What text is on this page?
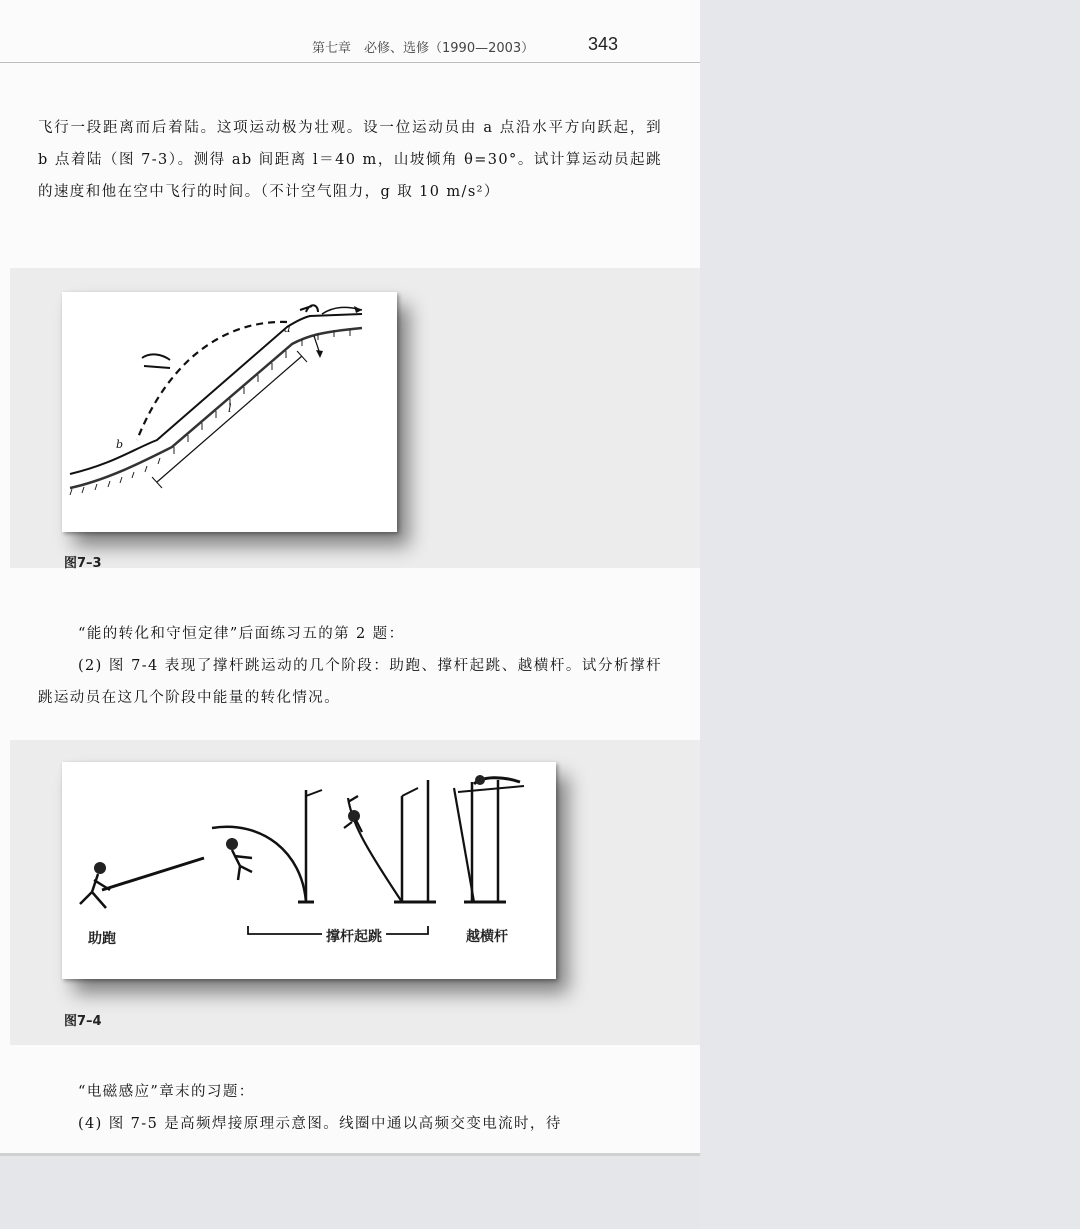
第七章　必修、选修（1990—2003）	343

飞行一段距离而后着陆。这项运动极为壮观。设一位运动员由 a 点沿水平方向跃起，到 b 点着陆（图 7-3）。测得 ab 间距离 l＝40 m，山坡倾角 θ=30°。试计算运动员起跳的速度和他在空中飞行的时间。（不计空气阻力，g 取 10 m/s²）

a
b
l
图7–3

“能的转化和守恒定律”后面练习五的第 2 题：

(2) 图 7-4 表现了撑杆跳运动的几个阶段：助跑、撑杆起跳、越横杆。试分析撑杆跳运动员在这几个阶段中能量的转化情况。

助跑	撑杆起跳	越横杆
图7–4

“电磁感应”章末的习题：

(4) 图 7-5 是高频焊接原理示意图。线圈中通以高频交变电流时，待
